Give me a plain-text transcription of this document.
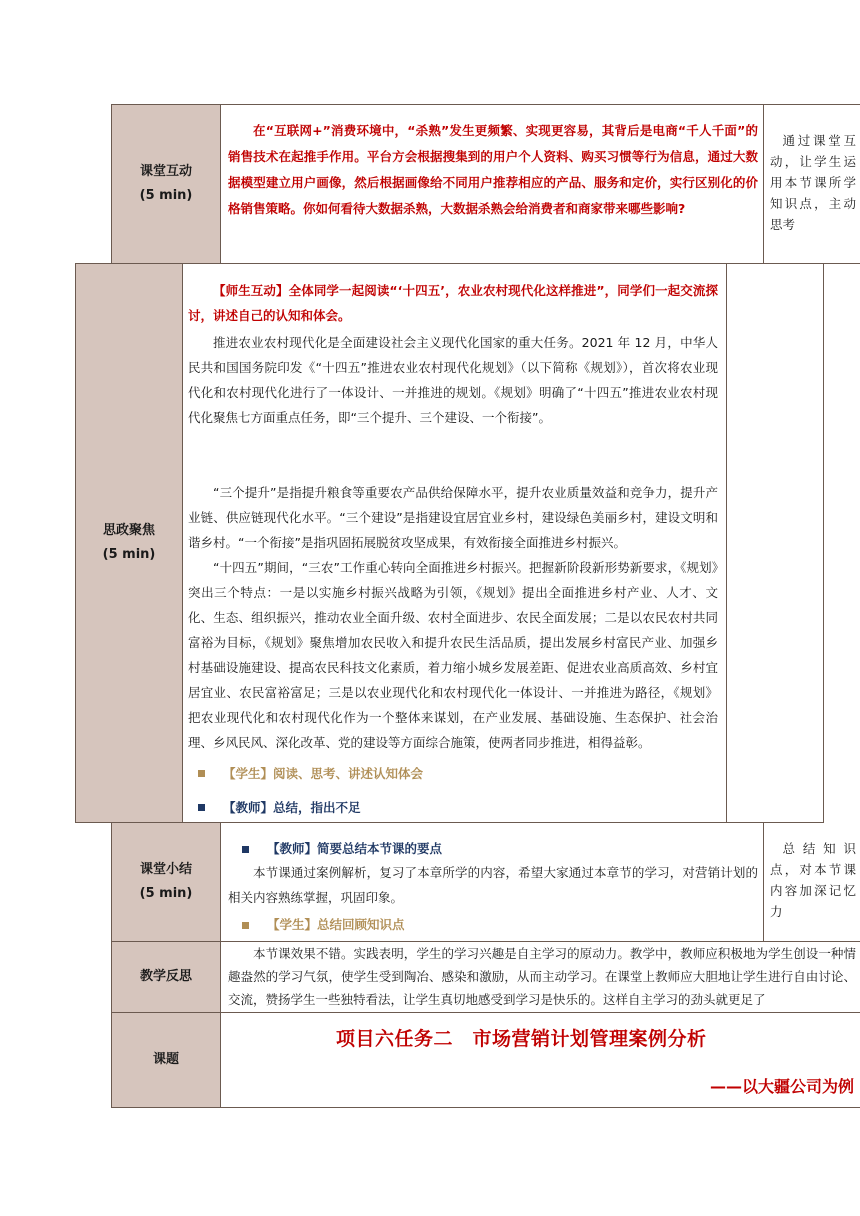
课堂互动
(5 min)
在“互联网+”消费环境中，“杀熟”发生更频繁、实现更容易，其背后是电商“千人千面”的销售技术在起推手作用。平台方会根据搜集到的用户个人资料、购买习惯等行为信息，通过大数据模型建立用户画像，然后根据画像给不同用户推荐相应的产品、服务和定价，实行区别化的价格销售策略。你如何看待大数据杀熟，大数据杀熟会给消费者和商家带来哪些影响?
通过课堂互动，让学生运用本节课所学知识点，主动思考
思政聚焦
(5 min)

【师生互动】全体同学一起阅读“‘十四五’，农业农村现代化这样推进”，同学们一起交流探讨，讲述自己的认知和体会。

推进农业农村现代化是全面建设社会主义现代化国家的重大任务。2021 年 12 月，中华人民共和国国务院印发《“十四五”推进农业农村现代化规划》（以下简称《规划》），首次将农业现代化和农村现代化进行了一体设计、一并推进的规划。《规划》明确了“十四五”推进农业农村现代化聚焦七方面重点任务，即“三个提升、三个建设、一个衔接”。

“三个提升”是指提升粮食等重要农产品供给保障水平，提升农业质量效益和竞争力，提升产业链、供应链现代化水平。“三个建设”是指建设宜居宜业乡村，建设绿色美丽乡村，建设文明和谐乡村。“一个衔接”是指巩固拓展脱贫攻坚成果，有效衔接全面推进乡村振兴。

“十四五”期间，“三农”工作重心转向全面推进乡村振兴。把握新阶段新形势新要求，《规划》突出三个特点：一是以实施乡村振兴战略为引领，《规划》提出全面推进乡村产业、人才、文化、生态、组织振兴，推动农业全面升级、农村全面进步、农民全面发展；二是以农民农村共同富裕为目标，《规划》聚焦增加农民收入和提升农民生活品质，提出发展乡村富民产业、加强乡村基础设施建设、提高农民科技文化素质，着力缩小城乡发展差距、促进农业高质高效、乡村宜居宜业、农民富裕富足；三是以农业现代化和农村现代化一体设计、一并推进为路径，《规划》把农业现代化和农村现代化作为一个整体来谋划，在产业发展、基础设施、生态保护、社会治理、乡风民风、深化改革、党的建设等方面综合施策，使两者同步推进，相得益彰。

【学生】阅读、思考、讲述认知体会
【教师】总结，指出不足
课堂小结
(5 min)
【教师】简要总结本节课的要点

本节课通过案例解析，复习了本章所学的内容，希望大家通过本章节的学习，对营销计划的相关内容熟练掌握，巩固印象。

【学生】总结回顾知识点
总结知识点，对本节课内容加深记忆力
教学反思
本节课效果不错。实践表明，学生的学习兴趣是自主学习的原动力。教学中，教师应积极地为学生创设一种情趣盎然的学习气氛，使学生受到陶冶、感染和激励，从而主动学习。在课堂上教师应大胆地让学生进行自由讨论、交流，赞扬学生一些独特看法，让学生真切地感受到学习是快乐的。这样自主学习的劲头就更足了
课题
项目六任务二　市场营销计划管理案例分析
——以大疆公司为例
